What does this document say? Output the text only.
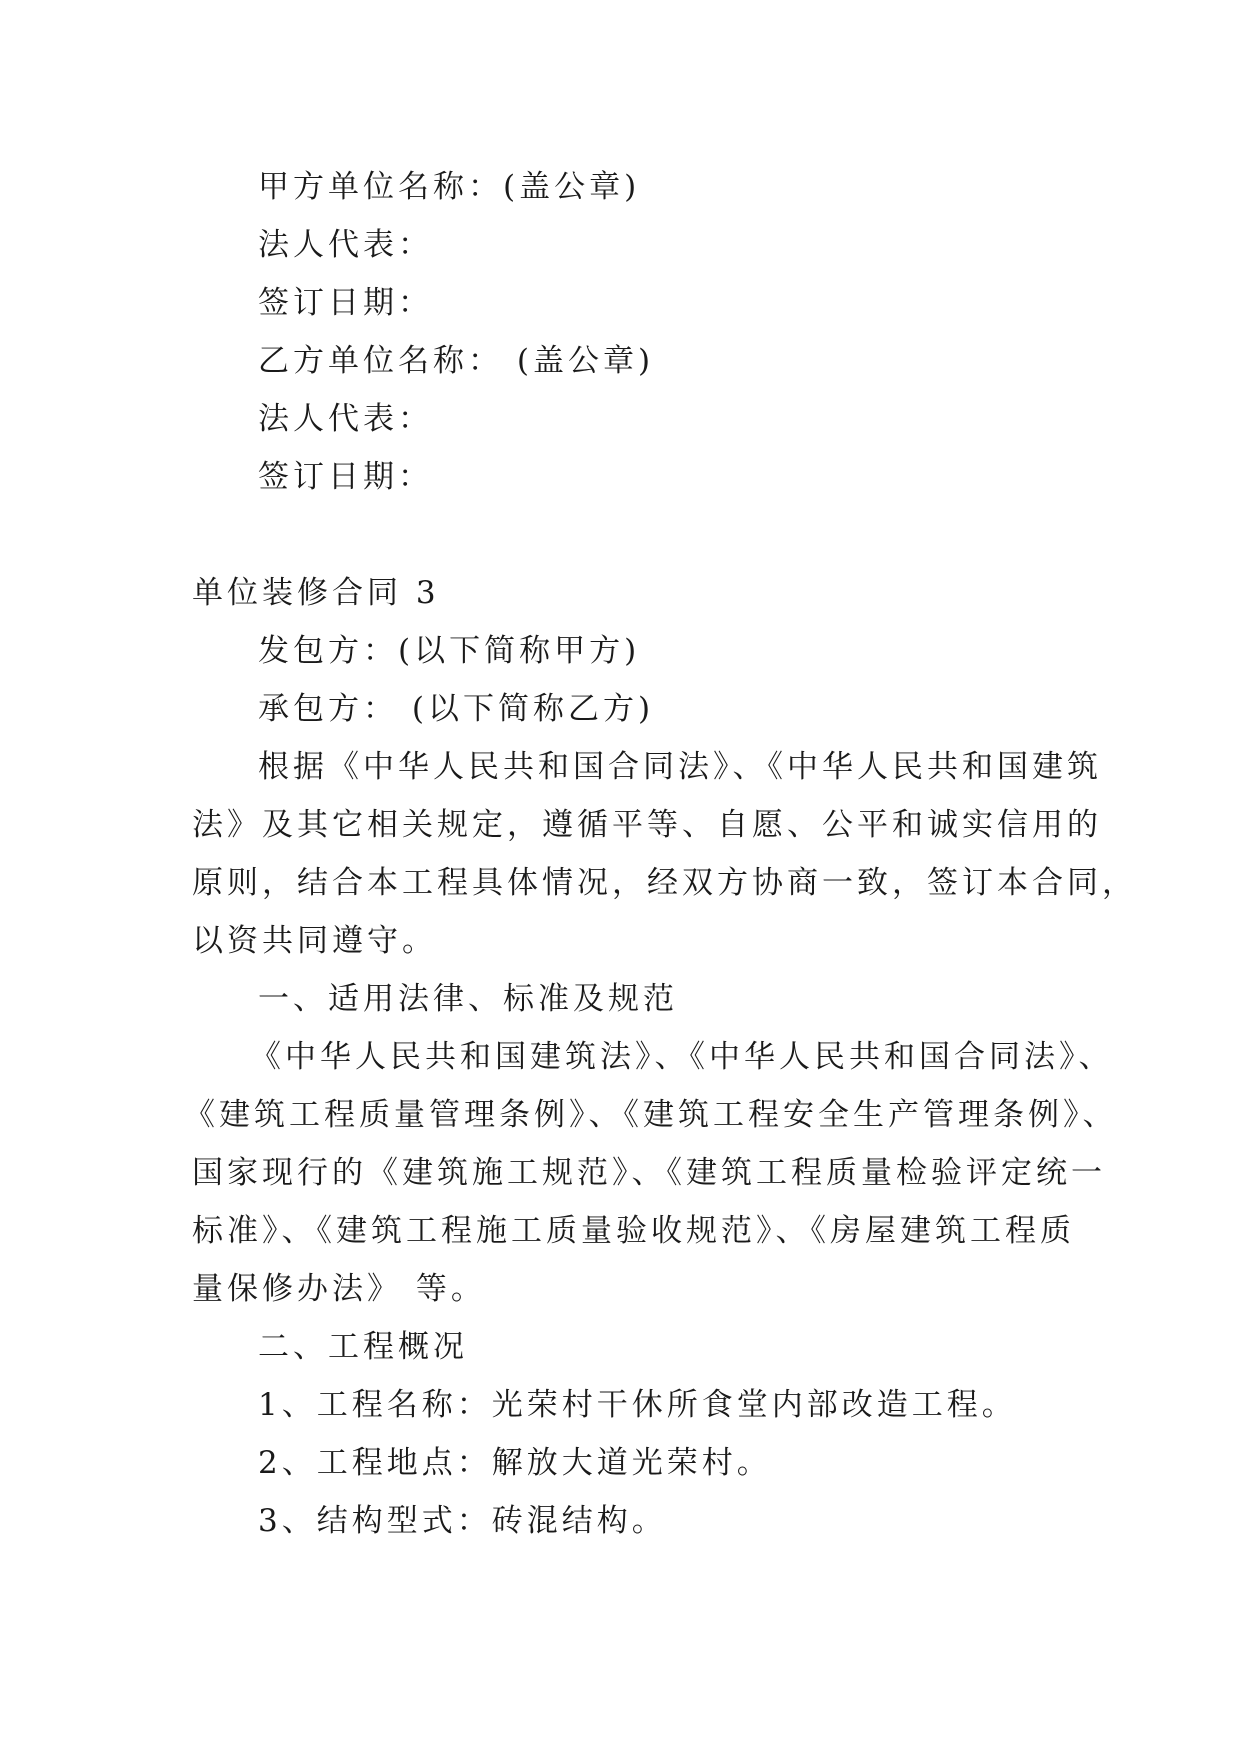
甲方单位名称：(盖公章)
法人代表：
签订日期：
乙方单位名称： (盖公章)
法人代表：
签订日期：
单位装修合同 3
发包方：(以下简称甲方)
承包方： (以下简称乙方)
根据《中华人民共和国合同法》、《中华人民共和国建筑
法》及其它相关规定，遵循平等、自愿、公平和诚实信用的
原则，结合本工程具体情况，经双方协商一致，签订本合同，
以资共同遵守。
一、适用法律、标准及规范
《中华人民共和国建筑法》、《中华人民共和国合同法》、
《建筑工程质量管理条例》、《建筑工程安全生产管理条例》、
国家现行的《建筑施工规范》、《建筑工程质量检验评定统一
标准》、《建筑工程施工质量验收规范》、《房屋建筑工程质
量保修办法》 等。
二、工程概况
1、工程名称：光荣村干休所食堂内部改造工程。
2、工程地点：解放大道光荣村。
3、结构型式：砖混结构。
